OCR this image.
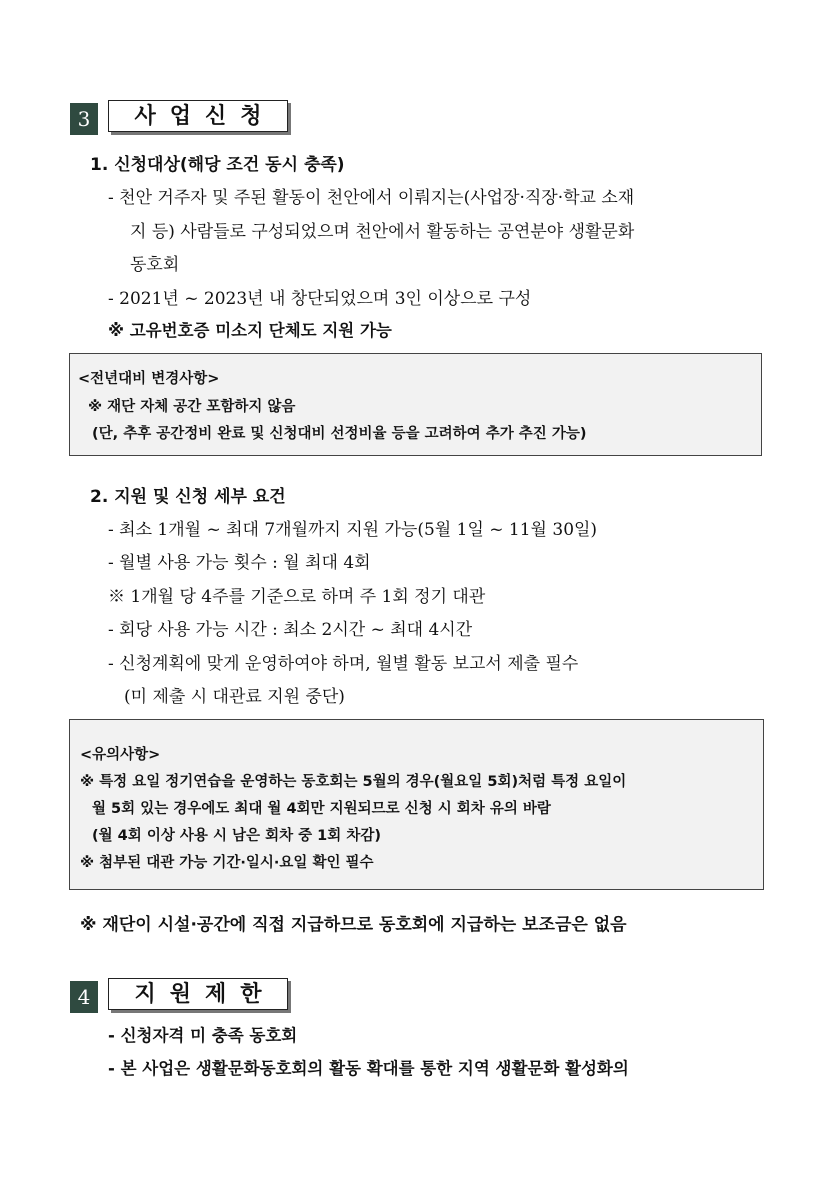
3	사업신청
1. 신청대상(해당 조건 동시 충족)
- 천안 거주자 및 주된 활동이 천안에서 이뤄지는(사업장·직장·학교 소재
지 등) 사람들로 구성되었으며 천안에서 활동하는 공연분야 생활문화
동호회
- 2021년 ~ 2023년 내 창단되었으며 3인 이상으로 구성
※ 고유번호증 미소지 단체도 지원 가능
<전년대비 변경사항>
※ 재단 자체 공간 포함하지 않음
(단, 추후 공간정비 완료 및 신청대비 선정비율 등을 고려하여 추가 추진 가능)
2. 지원 및 신청 세부 요건
- 최소 1개월 ~ 최대 7개월까지 지원 가능(5월 1일 ~ 11월 30일)
- 월별 사용 가능 횟수 : 월 최대 4회
※ 1개월 당 4주를 기준으로 하며 주 1회 정기 대관
- 회당 사용 가능 시간 : 최소 2시간 ~ 최대 4시간
- 신청계획에 맞게 운영하여야 하며, 월별 활동 보고서 제출 필수
(미 제출 시 대관료 지원 중단)
<유의사항>
※ 특정 요일 정기연습을 운영하는 동호회는 5월의 경우(월요일 5회)처럼 특정 요일이
월 5회 있는 경우에도 최대 월 4회만 지원되므로 신청 시 회차 유의 바람
(월 4회 이상 사용 시 남은 회차 중 1회 차감)
※ 첨부된 대관 가능 기간·일시·요일 확인 필수
※ 재단이 시설·공간에 직접 지급하므로 동호회에 지급하는 보조금은 없음
4	지원제한
- 신청자격 미 충족 동호회
- 본 사업은 생활문화동호회의 활동 확대를 통한 지역 생활문화 활성화의
